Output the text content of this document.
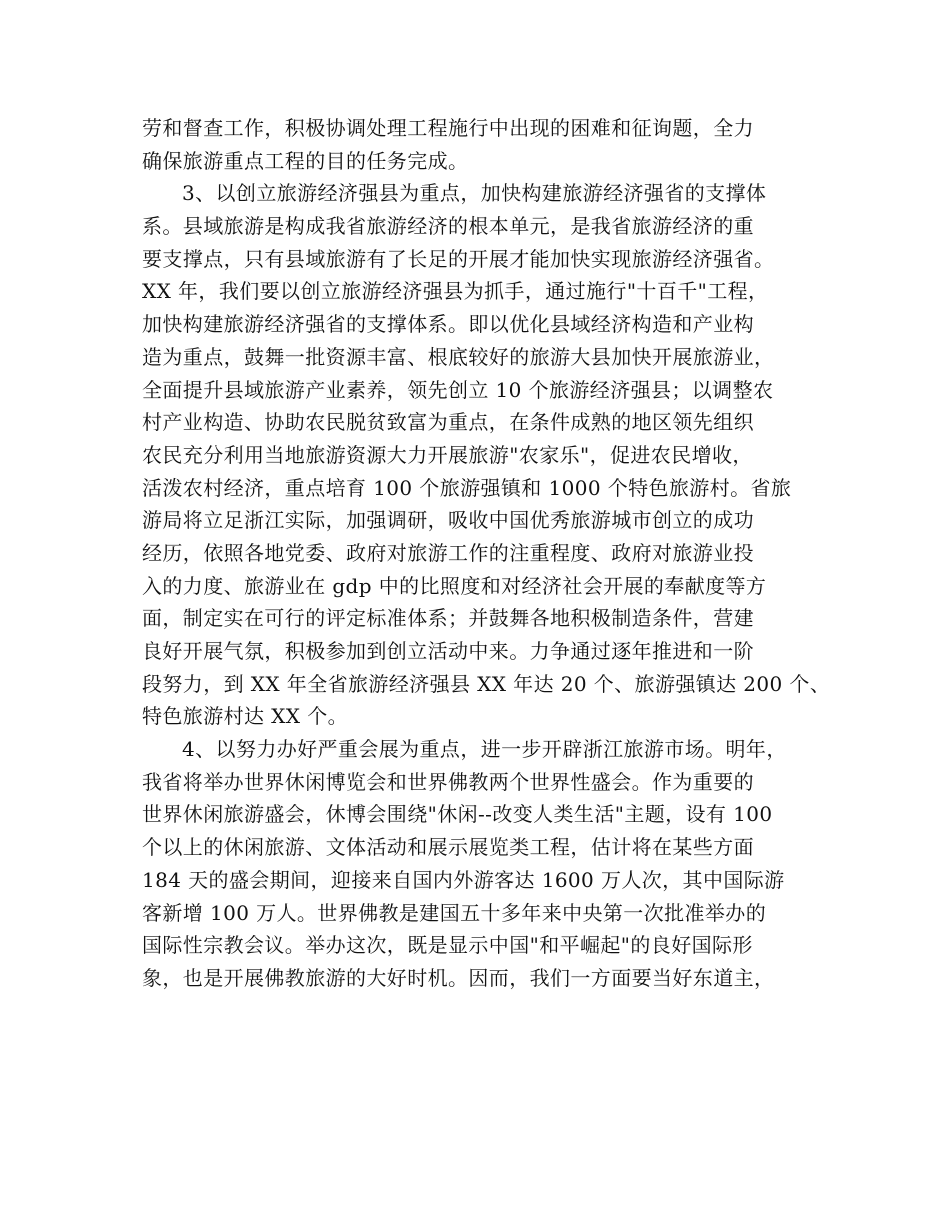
劳和督查工作，积极协调处理工程施行中出现的困难和征询题，全力
确保旅游重点工程的目的任务完成。
3、以创立旅游经济强县为重点，加快构建旅游经济强省的支撑体
系。县域旅游是构成我省旅游经济的根本单元，是我省旅游经济的重
要支撑点，只有县域旅游有了长足的开展才能加快实现旅游经济强省。
XX 年，我们要以创立旅游经济强县为抓手，通过施行"十百千"工程，
加快构建旅游经济强省的支撑体系。即以优化县域经济构造和产业构
造为重点，鼓舞一批资源丰富、根底较好的旅游大县加快开展旅游业，
全面提升县域旅游产业素养，领先创立 10 个旅游经济强县；以调整农
村产业构造、协助农民脱贫致富为重点，在条件成熟的地区领先组织
农民充分利用当地旅游资源大力开展旅游"农家乐"，促进农民增收，
活泼农村经济，重点培育 100 个旅游强镇和 1000 个特色旅游村。省旅
游局将立足浙江实际，加强调研，吸收中国优秀旅游城市创立的成功
经历，依照各地党委、政府对旅游工作的注重程度、政府对旅游业投
入的力度、旅游业在 gdp 中的比照度和对经济社会开展的奉献度等方
面，制定实在可行的评定标准体系；并鼓舞各地积极制造条件，营建
良好开展气氛，积极参加到创立活动中来。力争通过逐年推进和一阶
段努力，到 XX 年全省旅游经济强县 XX 年达 20 个、旅游强镇达 200 个、
特色旅游村达 XX 个。
4、以努力办好严重会展为重点，进一步开辟浙江旅游市场。明年，
我省将举办世界休闲博览会和世界佛教两个世界性盛会。作为重要的
世界休闲旅游盛会，休博会围绕"休闲--改变人类生活"主题，设有 100
个以上的休闲旅游、文体活动和展示展览类工程，估计将在某些方面
184 天的盛会期间，迎接来自国内外游客达 1600 万人次，其中国际游
客新增 100 万人。世界佛教是建国五十多年来中央第一次批准举办的
国际性宗教会议。举办这次，既是显示中国"和平崛起"的良好国际形
象，也是开展佛教旅游的大好时机。因而，我们一方面要当好东道主，
